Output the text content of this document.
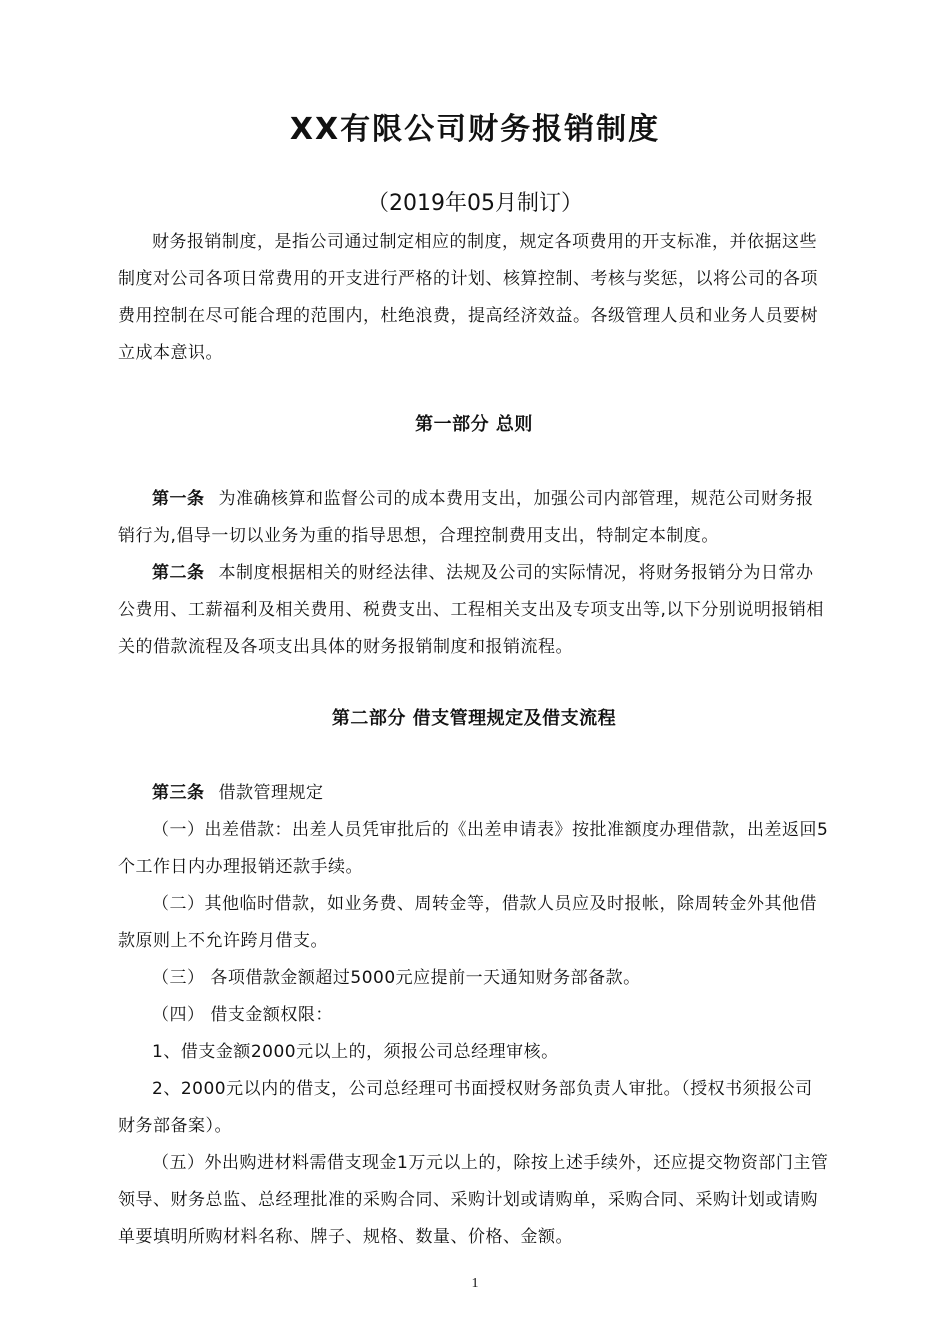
XX有限公司财务报销制度
（2019年05月制订）

财务报销制度，是指公司通过制定相应的制度，规定各项费用的开支标准，并依据这些制度对公司各项日常费用的开支进行严格的计划、核算控制、考核与奖惩，以将公司的各项费用控制在尽可能合理的范围内，杜绝浪费，提高经济效益。各级管理人员和业务人员要树立成本意识。

第一部分 总则

第一条 为准确核算和监督公司的成本费用支出，加强公司内部管理，规范公司财务报销行为,倡导一切以业务为重的指导思想，合理控制费用支出，特制定本制度。

第二条 本制度根据相关的财经法律、法规及公司的实际情况，将财务报销分为日常办公费用、工薪福利及相关费用、税费支出、工程相关支出及专项支出等,以下分别说明报销相关的借款流程及各项支出具体的财务报销制度和报销流程。

第二部分 借支管理规定及借支流程

第三条 借款管理规定

（一）出差借款：出差人员凭审批后的《出差申请表》按批准额度办理借款，出差返回5个工作日内办理报销还款手续。

（二）其他临时借款，如业务费、周转金等，借款人员应及时报帐，除周转金外其他借款原则上不允许跨月借支。

（三） 各项借款金额超过5000元应提前一天通知财务部备款。

（四） 借支金额权限：

1、借支金额2000元以上的，须报公司总经理审核。

2、2000元以内的借支，公司总经理可书面授权财务部负责人审批。（授权书须报公司财务部备案）。

（五）外出购进材料需借支现金1万元以上的，除按上述手续外，还应提交物资部门主管领导、财务总监、总经理批准的采购合同、采购计划或请购单，采购合同、采购计划或请购单要填明所购材料名称、牌子、规格、数量、价格、金额。

1
